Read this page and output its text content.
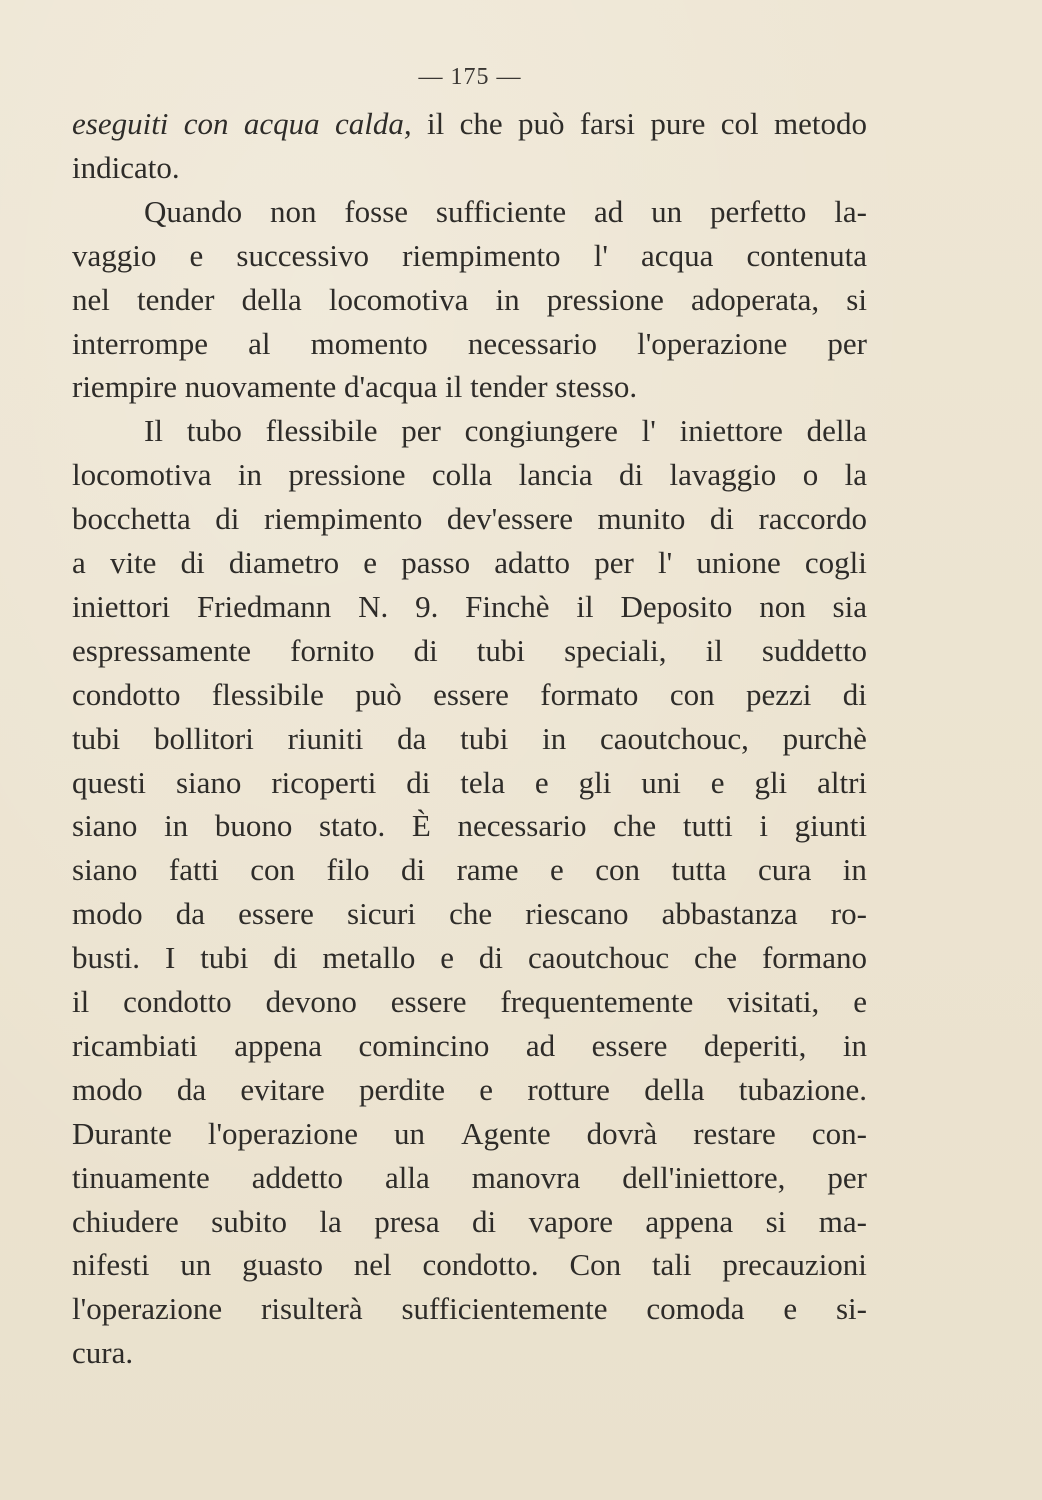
— 175 —
eseguiti con acqua calda, il che può farsi pure col metodo
indicato.
Quando non fosse sufficiente ad un perfetto la-
vaggio e successivo riempimento l' acqua contenuta
nel tender della locomotiva in pressione adoperata, si
interrompe al momento necessario l'operazione per
riempire nuovamente d'acqua il tender stesso.
Il tubo flessibile per congiungere l' iniettore della
locomotiva in pressione colla lancia di lavaggio o la
bocchetta di riempimento dev'essere munito di raccordo
a vite di diametro e passo adatto per l' unione cogli
iniettori Friedmann N. 9. Finchè il Deposito non sia
espressamente fornito di tubi speciali, il suddetto
condotto flessibile può essere formato con pezzi di
tubi bollitori riuniti da tubi in caoutchouc, purchè
questi siano ricoperti di tela e gli uni e gli altri
siano in buono stato. È necessario che tutti i giunti
siano fatti con filo di rame e con tutta cura in
modo da essere sicuri che riescano abbastanza ro-
busti. I tubi di metallo e di caoutchouc che formano
il condotto devono essere frequentemente visitati, e
ricambiati appena comincino ad essere deperiti, in
modo da evitare perdite e rotture della tubazione.
Durante l'operazione un Agente dovrà restare con-
tinuamente addetto alla manovra dell'iniettore, per
chiudere subito la presa di vapore appena si ma-
nifesti un guasto nel condotto. Con tali precauzioni
l'operazione risulterà sufficientemente comoda e si-
cura.
